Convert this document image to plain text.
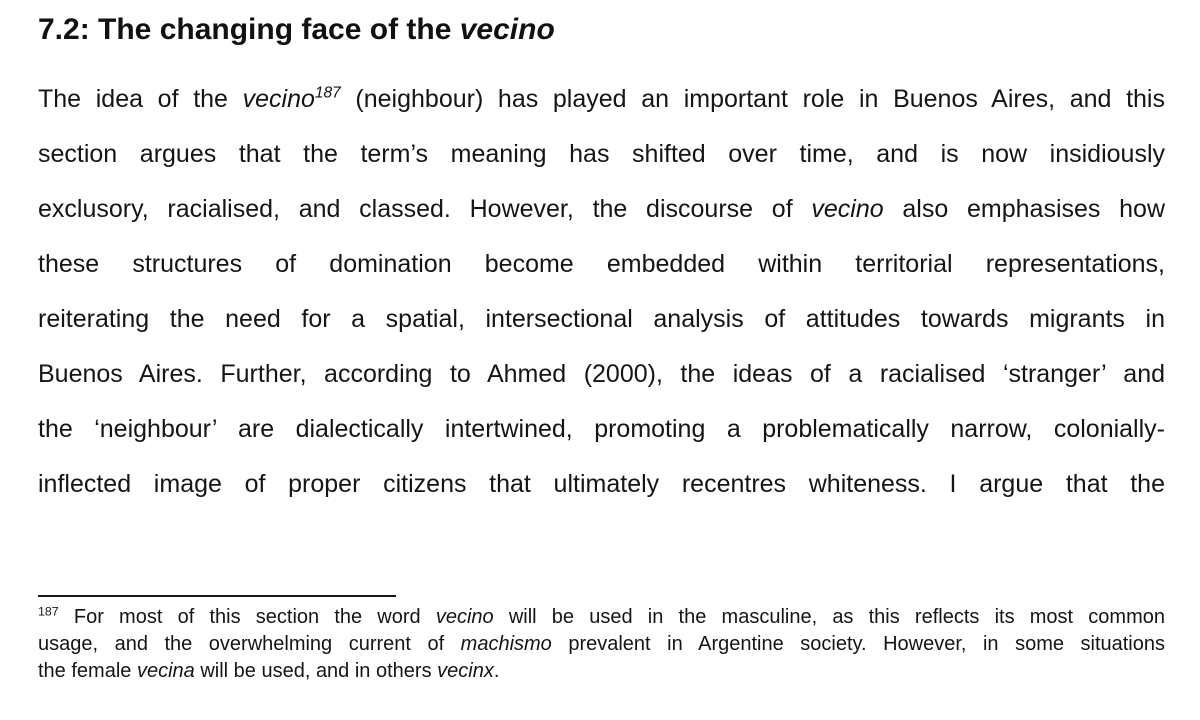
7.2: The changing face of the vecino
The idea of the vecino$^{187}$ (neighbour) has played an important role in Buenos Aires, and this
section argues that the term’s meaning has shifted over time, and is now insidiously
exclusory, racialised, and classed. However, the discourse of vecino also emphasises how
these structures of domination become embedded within territorial representations,
reiterating the need for a spatial, intersectional analysis of attitudes towards migrants in
Buenos Aires. Further, according to Ahmed (2000), the ideas of a racialised ‘stranger’ and
the ‘neighbour’ are dialectically intertwined, promoting a problematically narrow, colonially-
inflected image of proper citizens that ultimately recentres whiteness. I argue that the
$^{187}$ For most of this section the word vecino will be used in the masculine, as this reflects its most common
usage, and the overwhelming current of machismo prevalent in Argentine society. However, in some situations
the female vecina will be used, and in others vecinx.
